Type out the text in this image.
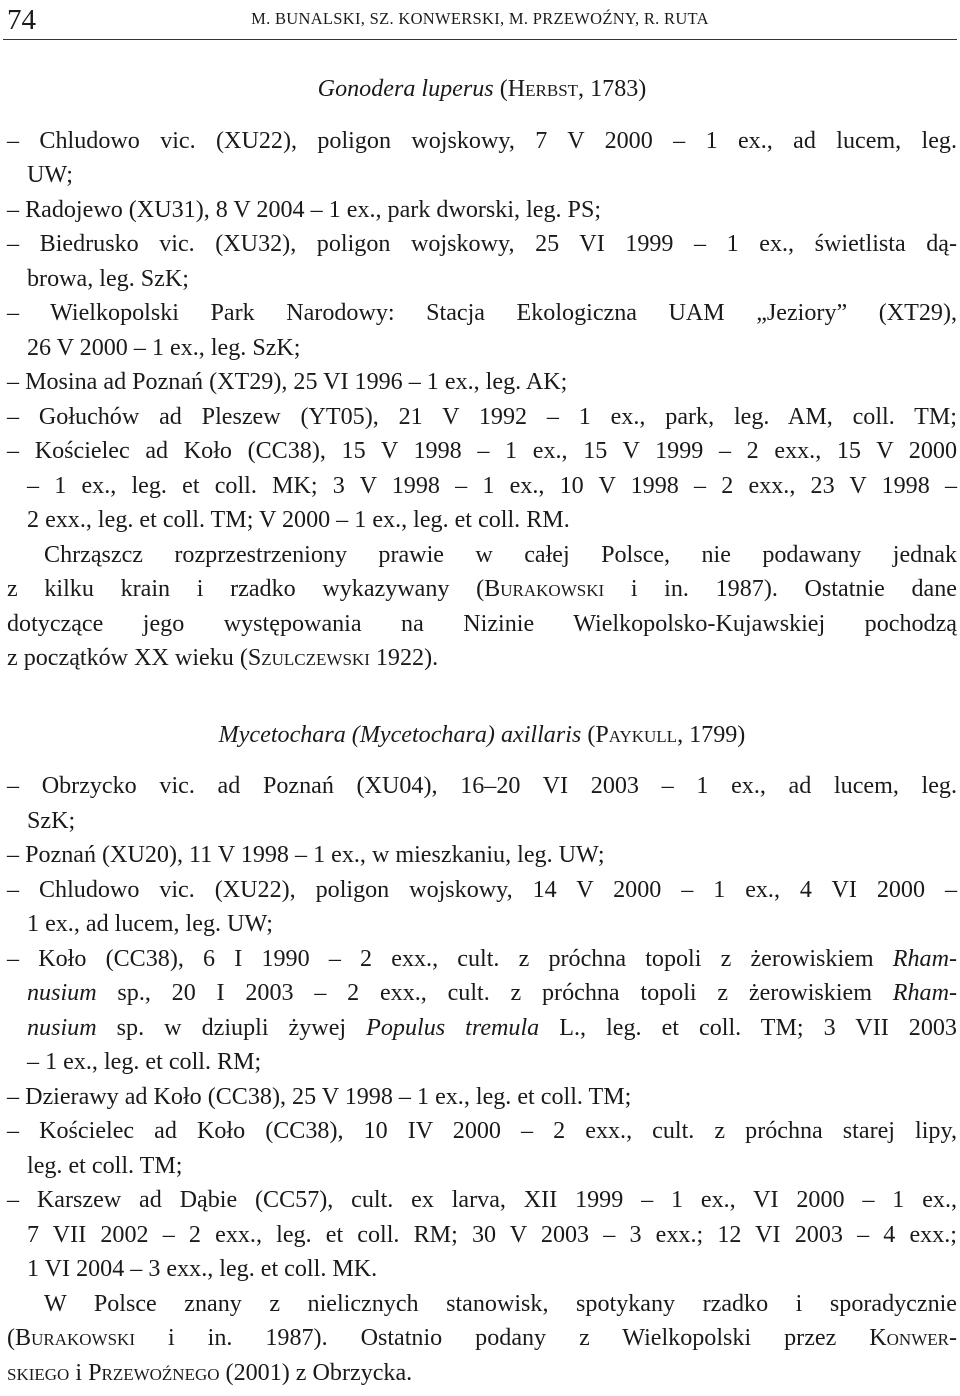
74	M. BUNALSKI, SZ. KONWERSKI, M. PRZEWOŹNY, R. RUTA
Gonodera luperus (Herbst, 1783)
– Chludowo vic. (XU22), poligon wojskowy, 7 V 2000 – 1 ex., ad lucem, leg.
UW;
– Radojewo (XU31), 8 V 2004 – 1 ex., park dworski, leg. PS;
– Biedrusko vic. (XU32), poligon wojskowy, 25 VI 1999 – 1 ex., świetlista dą-
browa, leg. SzK;
– Wielkopolski Park Narodowy: Stacja Ekologiczna UAM „Jeziory” (XT29),
26 V 2000 – 1 ex., leg. SzK;
– Mosina ad Poznań (XT29), 25 VI 1996 – 1 ex., leg. AK;
– Gołuchów ad Pleszew (YT05), 21 V 1992 – 1 ex., park, leg. AM, coll. TM;
– Kościelec ad Koło (CC38), 15 V 1998 – 1 ex., 15 V 1999 – 2 exx., 15 V 2000
– 1 ex., leg. et coll. MK; 3 V 1998 – 1 ex., 10 V 1998 – 2 exx., 23 V 1998 –
2 exx., leg. et coll. TM; V 2000 – 1 ex., leg. et coll. RM.
Chrząszcz rozprzestrzeniony prawie w całej Polsce, nie podawany jednak
z kilku krain i rzadko wykazywany (Burakowski i in. 1987). Ostatnie dane
dotyczące jego występowania na Nizinie Wielkopolsko-Kujawskiej pochodzą
z początków XX wieku (Szulczewski 1922).
Mycetochara (Mycetochara) axillaris (Paykull, 1799)
– Obrzycko vic. ad Poznań (XU04), 16–20 VI 2003 – 1 ex., ad lucem, leg.
SzK;
– Poznań (XU20), 11 V 1998 – 1 ex., w mieszkaniu, leg. UW;
– Chludowo vic. (XU22), poligon wojskowy, 14 V 2000 – 1 ex., 4 VI 2000 –
1 ex., ad lucem, leg. UW;
– Koło (CC38), 6 I 1990 – 2 exx., cult. z próchna topoli z żerowiskiem Rham-
nusium sp., 20 I 2003 – 2 exx., cult. z próchna topoli z żerowiskiem Rham-
nusium sp. w dziupli żywej Populus tremula L., leg. et coll. TM; 3 VII 2003
– 1 ex., leg. et coll. RM;
– Dzierawy ad Koło (CC38), 25 V 1998 – 1 ex., leg. et coll. TM;
– Kościelec ad Koło (CC38), 10 IV 2000 – 2 exx., cult. z próchna starej lipy,
leg. et coll. TM;
– Karszew ad Dąbie (CC57), cult. ex larva, XII 1999 – 1 ex., VI 2000 – 1 ex.,
7 VII 2002 – 2 exx., leg. et coll. RM; 30 V 2003 – 3 exx.; 12 VI 2003 – 4 exx.;
1 VI 2004 – 3 exx., leg. et coll. MK.
W Polsce znany z nielicznych stanowisk, spotykany rzadko i sporadycznie
(Burakowski i in. 1987). Ostatnio podany z Wielkopolski przez Konwer-
skiego i Przewoźnego (2001) z Obrzycka.
